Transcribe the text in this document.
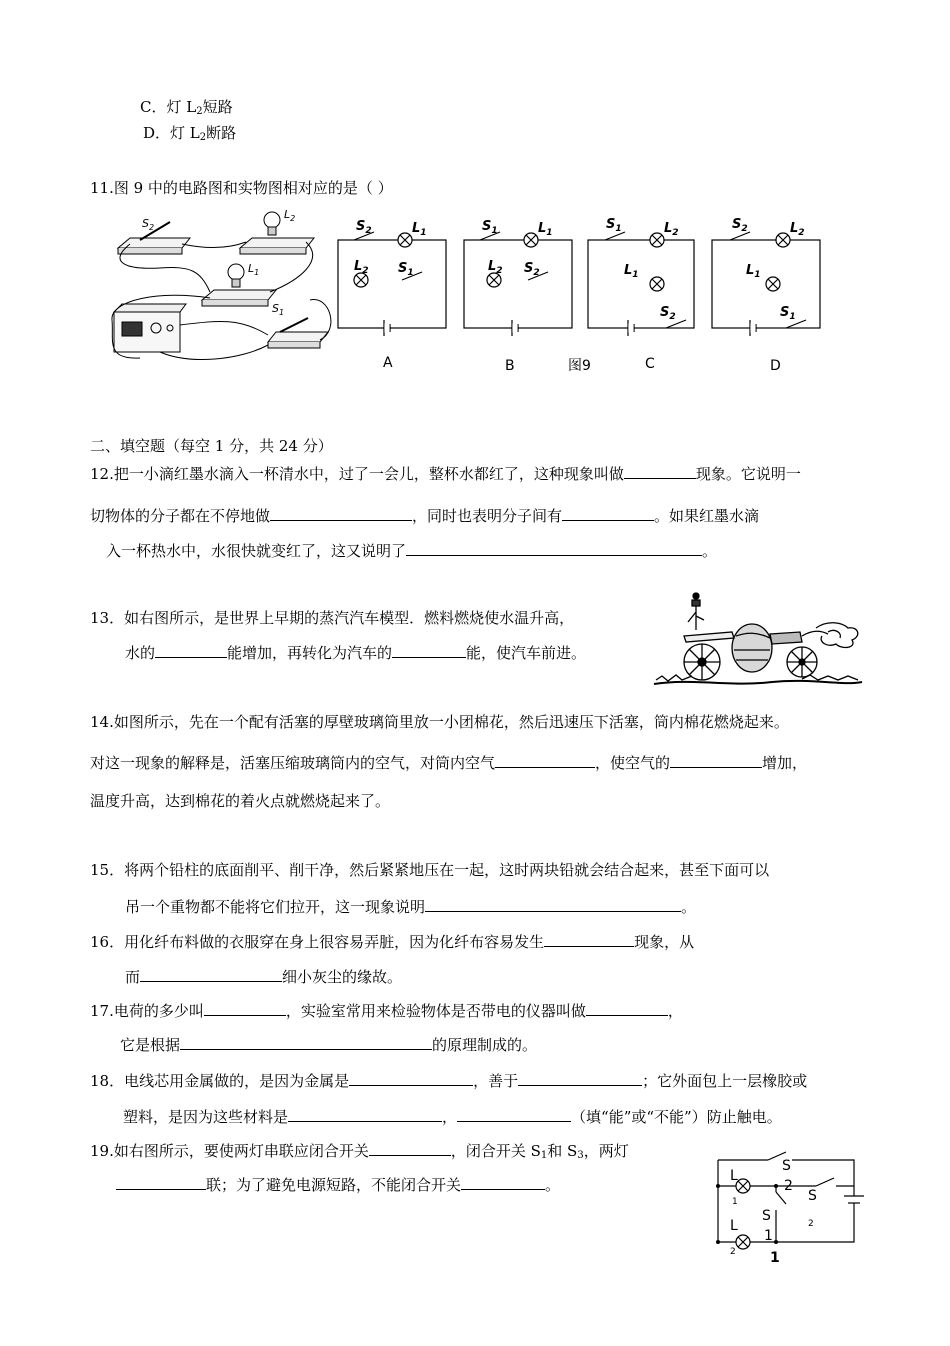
C．灯 $L_2$短路
D．灯 $L_2$断路
11.图 9 中的电路图和实物图相对应的是（ ）
$S_2$
$L_2$
$L_1$
$S_1$
$S_2$	$L_1$
$L_2$ $S_1$
$S_1$	$L_1$
$L_2$ $S_2$
$S_1$	$L_2$
$L_1$
$S_2$
$S_2$	$L_2$
$L_1$
$S_1$
A	B	图9	C	D
二、填空题（每空 1 分，共 24 分）
12.把一小滴红墨水滴入一杯清水中，过了一会儿，整杯水都红了，这种现象叫做	现象。它说明一
切物体的分子都在不停地做	，同时也表明分子间有	。如果红墨水滴
入一杯热水中，水很快就变红了，这又说明了	。
13．如右图所示，是世界上早期的蒸汽汽车模型．燃料燃烧使水温升高，
水的	能增加，再转化为汽车的	能，使汽车前进。
14.如图所示，先在一个配有活塞的厚壁玻璃筒里放一小团棉花，然后迅速压下活塞，筒内棉花燃烧起来。
对这一现象的解释是，活塞压缩玻璃筒内的空气，对筒内空气	，使空气的	增加，
温度升高，达到棉花的着火点就燃烧起来了。
15．将两个铅柱的底面削平、削干净，然后紧紧地压在一起，这时两块铅就会结合起来，甚至下面可以
吊一个重物都不能将它们拉开，这一现象说明	。
16．用化纤布料做的衣服穿在身上很容易弄脏，因为化纤布容易发生	现象，从
而	细小灰尘的缘故。
17.电荷的多少叫	，实验室常用来检验物体是否带电的仪器叫做	，
它是根据	的原理制成的。
18．电线芯用金属做的，是因为金属是	，善于	；它外面包上一层橡胶或
塑料，是因为这些材料是	，	（填“能”或“不能”）防止触电。
19.如右图所示，要使两灯串联应闭合开关	，闭合开关 $S_1$和 $S_3$，两灯
联；为了避免电源短路，不能闭合开关	。	L
1
S
2
S
2
S
1
L
2 1
